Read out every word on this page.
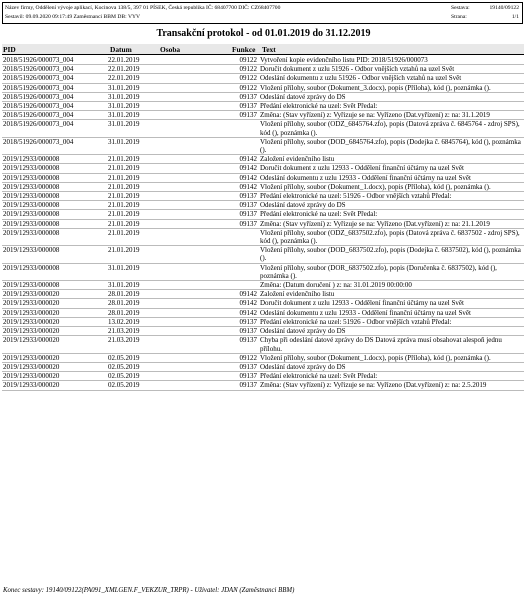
Název firmy, Oddělení vývoje aplikací, Kocinova 138/5, 397 01 PÍSEK, Česká republika IČ: 68407700 DIČ: CZ68407700
Sestavil: 09.09.2020 09:17:49 Zaměstnanci BBM DB: VYV
Sestava:	19140/09122
Strana:	1/1
Transakční protokol - od 01.01.2019 do 31.12.2019
PID	Datum	Osoba	Funkce Text
2018/51926/000073_004	22.01.2019	09122 Vytvoření kopie evidenčního listu PID: 2018/51926/000073
2018/51926/000073_004	22.01.2019	09122 Doručit dokument z uzlu 51926 - Odbor vnějších vztahů na uzel Svět
2018/51926/000073_004	22.01.2019	09122 Odeslání dokumentu z uzlu 51926 - Odbor vnějších vztahů na uzel Svět
2018/51926/000073_004	31.01.2019	09122 Vložení přílohy, soubor (Dokument_3.docx), popis (Příloha), kód (), poznámka ().
2018/51926/000073_004	31.01.2019	09137 Odeslání datové zprávy do DS
2018/51926/000073_004	31.01.2019	09137 Předání elektronické na uzel: Svět Předal:
2018/51926/000073_004	31.01.2019	09137 Změna: (Stav vyřízení) z: Vyřizuje se na: Vyřízeno (Dat.vyřízení) z: na: 31.1.2019
2018/51926/000073_004	31.01.2019	Vložení přílohy, soubor (ODZ_6845764.zfo), popis (Datová zpráva č. 6845764 - zdroj SPS), kód (), poznámka ().
2018/51926/000073_004	31.01.2019	Vložení přílohy, soubor (DOD_6845764.zfo), popis (Dodejka č. 6845764), kód (), poznámka ().
2019/12933/000008	21.01.2019	09142 Založení evidenčního listu
2019/12933/000008	21.01.2019	09142 Doručit dokument z uzlu 12933 - Oddělení finanční účtárny na uzel Svět
2019/12933/000008	21.01.2019	09142 Odeslání dokumentu z uzlu 12933 - Oddělení finanční účtárny na uzel Svět
2019/12933/000008	21.01.2019	09142 Vložení přílohy, soubor (Dokument_1.docx), popis (Příloha), kód (), poznámka ().
2019/12933/000008	21.01.2019	09137 Předání elektronické na uzel: 51926 - Odbor vnějších vztahů Předal:
2019/12933/000008	21.01.2019	09137 Odeslání datové zprávy do DS
2019/12933/000008	21.01.2019	09137 Předání elektronické na uzel: Svět Předal:
2019/12933/000008	21.01.2019	09137 Změna: (Stav vyřízení) z: Vyřizuje se na: Vyřízeno (Dat.vyřízení) z: na: 21.1.2019
2019/12933/000008	21.01.2019	Vložení přílohy, soubor (ODZ_6837502.zfo), popis (Datová zpráva č. 6837502 - zdroj SPS), kód (), poznámka ().
2019/12933/000008	21.01.2019	Vložení přílohy, soubor (DOD_6837502.zfo), popis (Dodejka č. 6837502), kód (), poznámka ().
2019/12933/000008	31.01.2019	Vložení přílohy, soubor (DOR_6837502.zfo), popis (Doručenka č. 6837502), kód (), poznámka ().
2019/12933/000008	31.01.2019	Změna: (Datum doručení ) z: na: 31.01.2019 00:00:00
2019/12933/000020	28.01.2019	09142 Založení evidenčního listu
2019/12933/000020	28.01.2019	09142 Doručit dokument z uzlu 12933 - Oddělení finanční účtárny na uzel Svět
2019/12933/000020	28.01.2019	09142 Odeslání dokumentu z uzlu 12933 - Oddělení finanční účtárny na uzel Svět
2019/12933/000020	13.02.2019	09137 Předání elektronické na uzel: 51926 - Odbor vnějších vztahů Předal:
2019/12933/000020	21.03.2019	09137 Odeslání datové zprávy do DS
2019/12933/000020	21.03.2019	09137 Chyba při odeslání datové zprávy do DS Datová zpráva musí obsahovat alespoň jednu přílohu.
2019/12933/000020	02.05.2019	09122 Vložení přílohy, soubor (Dokument_1.docx), popis (Příloha), kód (), poznámka ().
2019/12933/000020	02.05.2019	09137 Odeslání datové zprávy do DS
2019/12933/000020	02.05.2019	09137 Předání elektronické na uzel: Svět Předal:
2019/12933/000020	02.05.2019	09137 Změna: (Stav vyřízení) z: Vyřizuje se na: Vyřízeno (Dat.vyřízení) z: na: 2.5.2019
Konec sestavy: 19140/09122(PA091_XMLGEN.F_VEKZUR_TRPR) - Uživatel: JDAN (Zaměstnanci BBM)
